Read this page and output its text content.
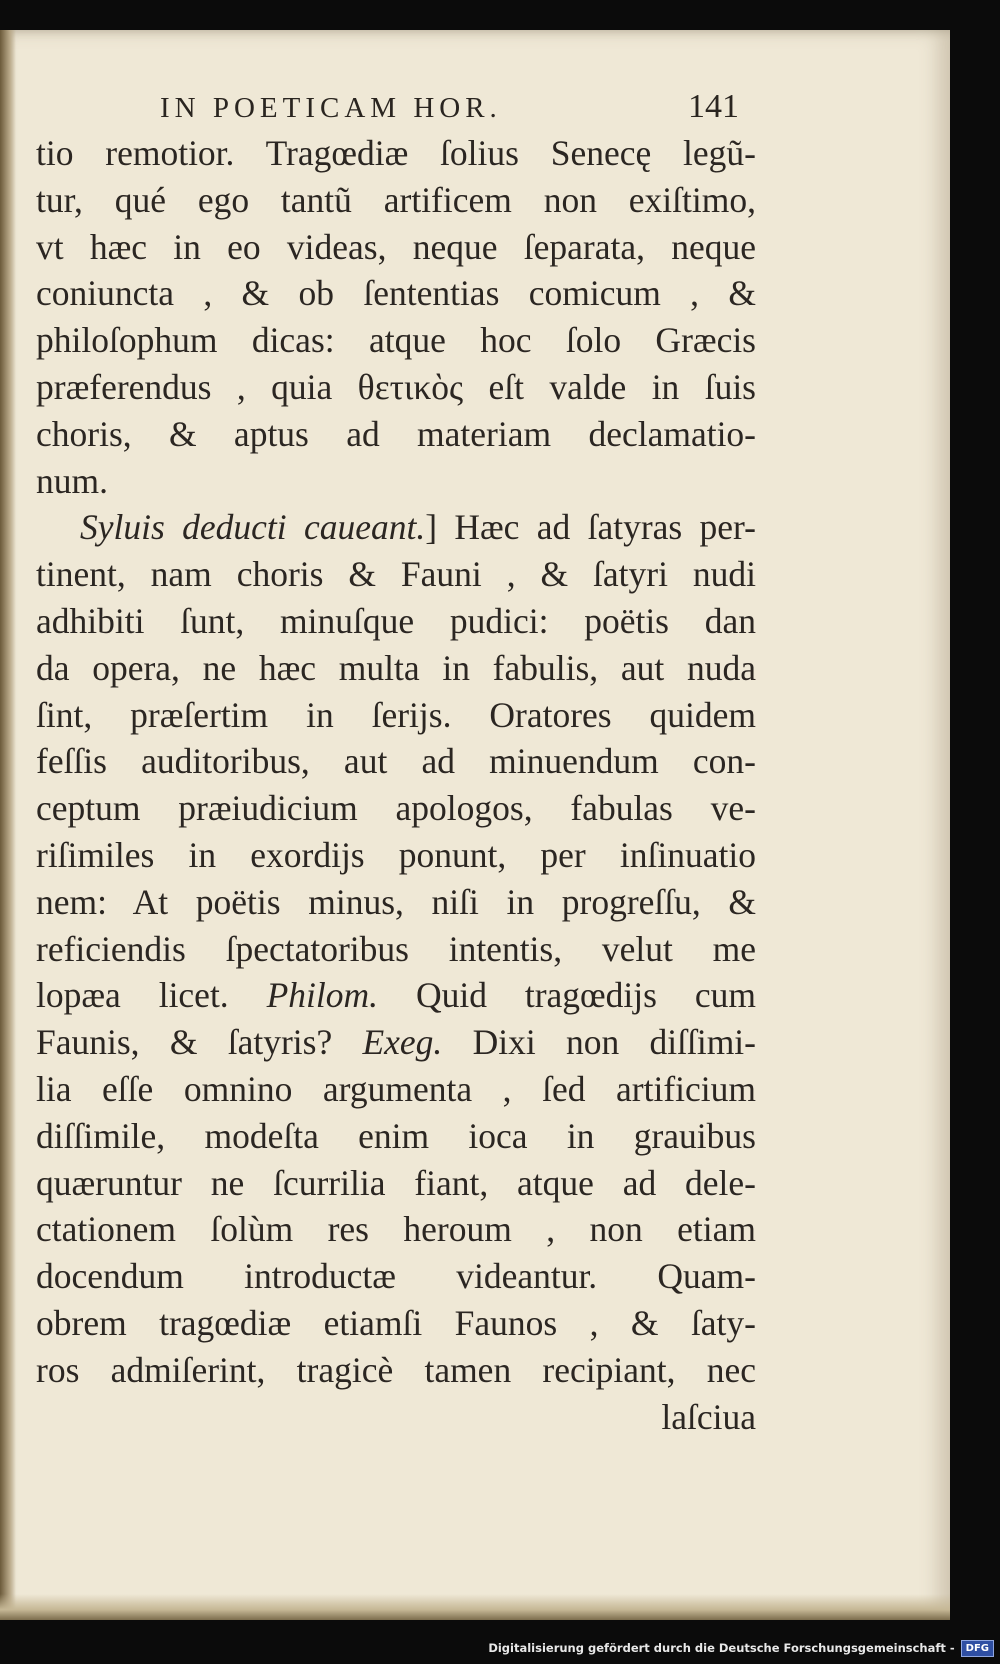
IN POETICAM HOR.	141
tio remotior. Tragœdiæ ſolius Senecę legũ-
tur, qué ego tantũ artificem non exiſtimo,
vt hæc in eo videas, neque ſeparata, neque
coniuncta , & ob ſententias comicum , &
philoſophum dicas: atque hoc ſolo Græcis
præferendus , quia θετικὸς eſt valde in ſuis
choris, & aptus ad materiam declamatio-
num.
Syluis deducti caueant.] Hæc ad ſatyras per-
tinent, nam choris & Fauni , & ſatyri nudi
adhibiti ſunt, minuſque pudici: poëtis dan
da opera, ne hæc multa in fabulis, aut nuda
ſint, præſertim in ſerijs. Oratores quidem
feſſis auditoribus, aut ad minuendum con-
ceptum præiudicium apologos, fabulas ve-
riſimiles in exordijs ponunt, per inſinuatio
nem: At poëtis minus, niſi in progreſſu, &
reficiendis ſpectatoribus intentis, velut me
lopæa licet. Philom. Quid tragœdijs cum
Faunis, & ſatyris? Exeg. Dixi non diſſimi-
lia eſſe omnino argumenta , ſed artificium
diſſimile, modeſta enim ioca in grauibus
quæruntur ne ſcurrilia fiant, atque ad dele-
ctationem ſolùm res heroum , non etiam
docendum introductæ videantur. Quam-
obrem tragœdiæ etiamſi Faunos , & ſaty-
ros admiſerint, tragicè tamen recipiant, nec
laſciua
Digitalisierung gefördert durch die Deutsche Forschungsgemeinschaft -	DFG
